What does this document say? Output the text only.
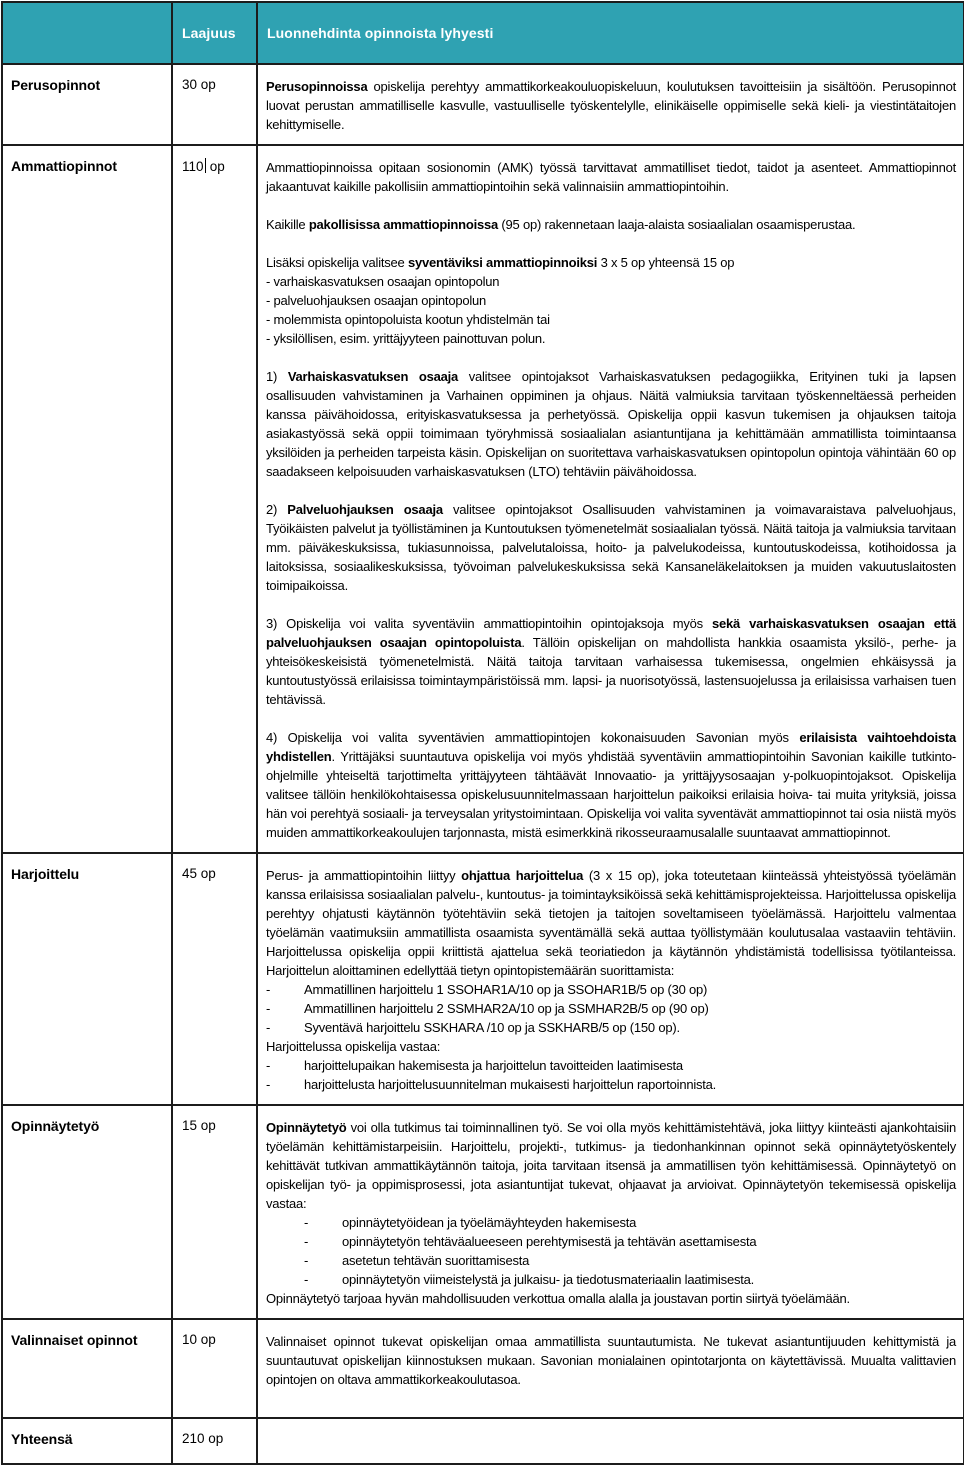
	Laajuus	Luonnehdinta opinnoista lyhyesti
Perusopinnot	30 op	Perusopinnoissa opiskelija perehtyy ammattikorkeakouluopiskeluun, koulutuksen tavoitteisiin ja sisältöön. Perusopinnot luovat perustan ammatilliselle kasvulle, vastuulliselle työskentelylle, elinikäiselle oppimiselle sekä kieli- ja viestintätaitojen kehittymiselle.

Ammattiopinnot	110 op	Ammattiopinnoissa opitaan sosionomin (AMK) työssä tarvittavat ammatilliset tiedot, taidot ja asenteet. Ammattiopinnot jakaantuvat kaikille pakollisiin ammattiopintoihin sekä valinnaisiin ammattiopintoihin.
Kaikille pakollisissa ammattiopinnoissa (95 op) rakennetaan laaja-alaista sosiaalialan osaamisperustaa.
Lisäksi opiskelija valitsee syventäviksi ammattiopinnoiksi 3 x 5 op yhteensä 15 op
- varhaiskasvatuksen osaajan opintopolun
- palveluohjauksen osaajan opintopolun
- molemmista opintopoluista kootun yhdistelmän tai
- yksilöllisen, esim. yrittäjyyteen painottuvan polun.
1) Varhaiskasvatuksen osaaja valitsee opintojaksot Varhaiskasvatuksen pedagogiikka, Erityinen tuki ja lapsen osallisuuden vahvistaminen ja Varhainen oppiminen ja ohjaus. Näitä valmiuksia tarvitaan työskenneltäessä perheiden kanssa päivähoidossa, erityiskasvatuksessa ja perhetyössä. Opiskelija oppii kasvun tukemisen ja ohjauksen taitoja asiakastyössä sekä oppii toimimaan työryhmissä sosiaalialan asiantuntijana ja kehittämään ammatillista toimintaansa yksilöiden ja perheiden tarpeista käsin. Opiskelijan on suoritettava varhaiskasvatuksen opintopolun opintoja vähintään 60 op saadakseen kelpoisuuden varhaiskasvatuksen (LTO) tehtäviin päivähoidossa.
2) Palveluohjauksen osaaja valitsee opintojaksot Osallisuuden vahvistaminen ja voimavaraistava palveluohjaus, Työikäisten palvelut ja työllistäminen ja Kuntoutuksen työmenetelmät sosiaalialan työssä. Näitä taitoja ja valmiuksia tarvitaan mm. päiväkeskuksissa, tukiasunnoissa, palvelutaloissa, hoito- ja palvelukodeissa, kuntoutuskodeissa, kotihoidossa ja laitoksissa, sosiaalikeskuksissa, työvoiman palvelukeskuksissa sekä Kansaneläkelaitoksen ja muiden vakuutuslaitosten toimipaikoissa.
3) Opiskelija voi valita syventäviin ammattiopintoihin opintojaksoja myös sekä varhaiskasvatuksen osaajan että palveluohjauksen osaajan opintopoluista. Tällöin opiskelijan on mahdollista hankkia osaamista yksilö-, perhe- ja yhteisökeskeisistä työmenetelmistä. Näitä taitoja tarvitaan varhaisessa tukemisessa, ongelmien ehkäisyssä ja kuntoutustyössä erilaisissa toimintaympäristöissä mm. lapsi- ja nuorisotyössä, lastensuojelussa ja erilaisissa varhaisen tuen tehtävissä.
4) Opiskelija voi valita syventävien ammattiopintojen kokonaisuuden Savonian myös erilaisista vaihtoehdoista yhdistellen. Yrittäjäksi suuntautuva opiskelija voi myös yhdistää syventäviin ammattiopintoihin Savonian kaikille tutkinto-ohjelmille yhteiseltä tarjottimelta yrittäjyyteen tähtäävät Innovaatio- ja yrittäjyysosaajan y-polkuopintojaksot. Opiskelija valitsee tällöin henkilökohtaisessa opiskelusuunnitelmassaan harjoittelun paikoiksi erilaisia hoiva- tai muita yrityksiä, joissa hän voi perehtyä sosiaali- ja terveysalan yritystoimintaan. Opiskelija voi valita syventävät ammattiopinnot tai osia niistä myös muiden ammattikorkeakoulujen tarjonnasta, mistä esimerkkinä rikosseuraamusalalle suuntaavat ammattiopinnot.

Harjoittelu	45 op	Perus- ja ammattiopintoihin liittyy ohjattua harjoittelua (3 x 15 op), joka toteutetaan kiinteässä yhteistyössä työelämän kanssa erilaisissa sosiaalialan palvelu-, kuntoutus- ja toimintayksiköissä sekä kehittämisprojekteissa. Harjoittelussa opiskelija perehtyy ohjatusti käytännön työtehtäviin sekä tietojen ja taitojen soveltamiseen työelämässä. Harjoittelu valmentaa työelämän vaatimuksiin ammatillista osaamista syventämällä sekä auttaa työllistymään koulutusalaa vastaaviin tehtäviin. Harjoittelussa opiskelija oppii kriittistä ajattelua sekä teoriatiedon ja käytännön yhdistämistä todellisissa työtilanteissa. Harjoittelun aloittaminen edellyttää tietyn opintopistemäärän suorittamista:
-	Ammatillinen harjoittelu 1 SSOHAR1A/10 op ja SSOHAR1B/5 op (30 op)
-	Ammatillinen harjoittelu 2 SSMHAR2A/10 op ja SSMHAR2B/5 op (90 op)
-	Syventävä harjoittelu SSKHARA /10 op ja SSKHARB/5 op (150 op).
Harjoittelussa opiskelija vastaa:
-	harjoittelupaikan hakemisesta ja harjoittelun tavoitteiden laatimisesta
-	harjoittelusta harjoittelusuunnitelman mukaisesti harjoittelun raportoinnista.

Opinnäytetyö	15 op	Opinnäytetyö voi olla tutkimus tai toiminnallinen työ. Se voi olla myös kehittämistehtävä, joka liittyy kiinteästi ajankohtaisiin työelämän kehittämistarpeisiin. Harjoittelu, projekti-, tutkimus- ja tiedonhankinnan opinnot sekä opinnäytetyöskentely kehittävät tutkivan ammattikäytännön taitoja, joita tarvitaan itsensä ja ammatillisen työn kehittämisessä. Opinnäytetyö on opiskelijan työ- ja oppimisprosessi, jota asiantuntijat tukevat, ohjaavat ja arvioivat. Opinnäytetyön tekemisessä opiskelija vastaa:
-	opinnäytetyöidean ja työelämäyhteyden hakemisesta
-	opinnäytetyön tehtäväalueeseen perehtymisestä ja tehtävän asettamisesta
-	asetetun tehtävän suorittamisesta
-	opinnäytetyön viimeistelystä ja julkaisu- ja tiedotusmateriaalin laatimisesta.
Opinnäytetyö tarjoaa hyvän mahdollisuuden verkottua omalla alalla ja joustavan portin siirtyä työelämään.

Valinnaiset opinnot	10 op	Valinnaiset opinnot tukevat opiskelijan omaa ammatillista suuntautumista. Ne tukevat asiantuntijuuden kehittymistä ja suuntautuvat opiskelijan kiinnostuksen mukaan. Savonian monialainen opintotarjonta on käytettävissä. Muualta valittavien opintojen on oltava ammattikorkeakoulutasoa.

Yhteensä	210 op	
